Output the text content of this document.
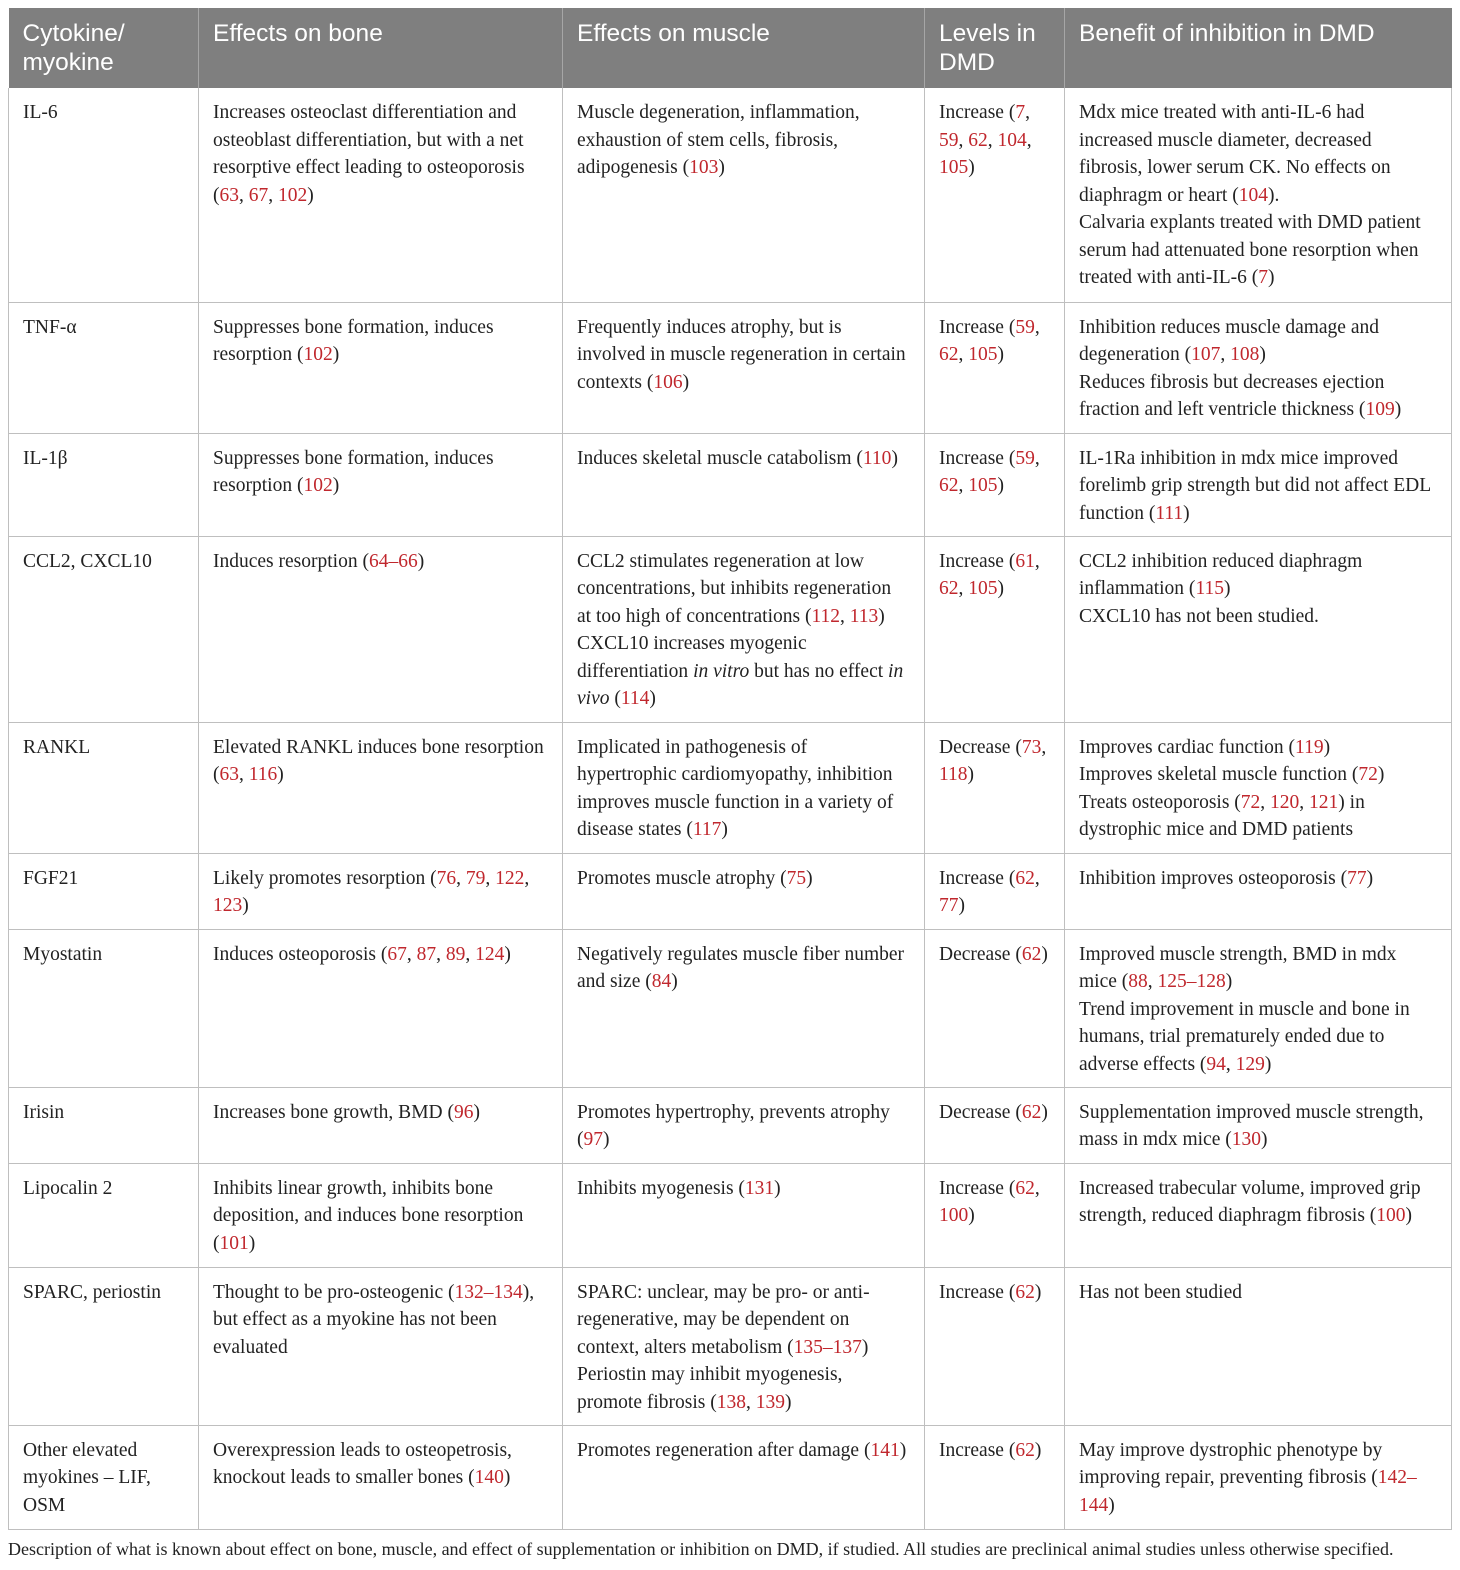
Cytokine/ myokine	Effects on bone	Effects on muscle	Levels in DMD	Benefit of inhibition in DMD
IL-6	Increases osteoclast differentiation and osteoblast differentiation, but with a net resorptive effect leading to osteoporosis (63, 67, 102)	Muscle degeneration, inflammation, exhaustion of stem cells, fibrosis, adipogenesis (103)	Increase (7, 59, 62, 104, 105)	Mdx mice treated with anti-IL-6 had increased muscle diameter, decreased fibrosis, lower serum CK. No effects on diaphragm or heart (104).
Calvaria explants treated with DMD patient serum had attenuated bone resorption when treated with anti-IL-6 (7)

TNF-α	Suppresses bone formation, induces resorption (102)	Frequently induces atrophy, but is involved in muscle regeneration in certain contexts (106)	Increase (59, 62, 105)	Inhibition reduces muscle damage and degeneration (107, 108)
Reduces fibrosis but decreases ejection fraction and left ventricle thickness (109)

IL-1β	Suppresses bone formation, induces resorption (102)	Induces skeletal muscle catabolism (110)	Increase (59, 62, 105)	IL-1Ra inhibition in mdx mice improved forelimb grip strength but did not affect EDL function (111)

CCL2, CXCL10	Induces resorption (64–66)	CCL2 stimulates regeneration at low concentrations, but inhibits regeneration at too high of concentrations (112, 113)
CXCL10 increases myogenic differentiation in vitro but has no effect in vivo (114)	Increase (61, 62, 105)	CCL2 inhibition reduced diaphragm inflammation (115)
CXCL10 has not been studied.

RANKL	Elevated RANKL induces bone resorption (63, 116)	Implicated in pathogenesis of hypertrophic cardiomyopathy, inhibition improves muscle function in a variety of disease states (117)	Decrease (73, 118)	Improves cardiac function (119)
Improves skeletal muscle function (72)
Treats osteoporosis (72, 120, 121) in dystrophic mice and DMD patients

FGF21	Likely promotes resorption (76, 79, 122, 123)	Promotes muscle atrophy (75)	Increase (62, 77)	Inhibition improves osteoporosis (77)

Myostatin	Induces osteoporosis (67, 87, 89, 124)	Negatively regulates muscle fiber number and size (84)	Decrease (62)	Improved muscle strength, BMD in mdx mice (88, 125–128)
Trend improvement in muscle and bone in humans, trial prematurely ended due to adverse effects (94, 129)

Irisin	Increases bone growth, BMD (96)	Promotes hypertrophy, prevents atrophy (97)	Decrease (62)	Supplementation improved muscle strength, mass in mdx mice (130)

Lipocalin 2	Inhibits linear growth, inhibits bone deposition, and induces bone resorption (101)	Inhibits myogenesis (131)	Increase (62, 100)	Increased trabecular volume, improved grip strength, reduced diaphragm fibrosis (100)

SPARC, periostin	Thought to be pro-osteogenic (132–134), but effect as a myokine has not been evaluated	SPARC: unclear, may be pro- or anti-regenerative, may be dependent on context, alters metabolism (135–137)
Periostin may inhibit myogenesis, promote fibrosis (138, 139)	Increase (62)	Has not been studied

Other elevated myokines – LIF, OSM	Overexpression leads to osteopetrosis, knockout leads to smaller bones (140)	Promotes regeneration after damage (141)	Increase (62)	May improve dystrophic phenotype by improving repair, preventing fibrosis (142–144)
Description of what is known about effect on bone, muscle, and effect of supplementation or inhibition on DMD, if studied. All studies are preclinical animal studies unless otherwise specified.
